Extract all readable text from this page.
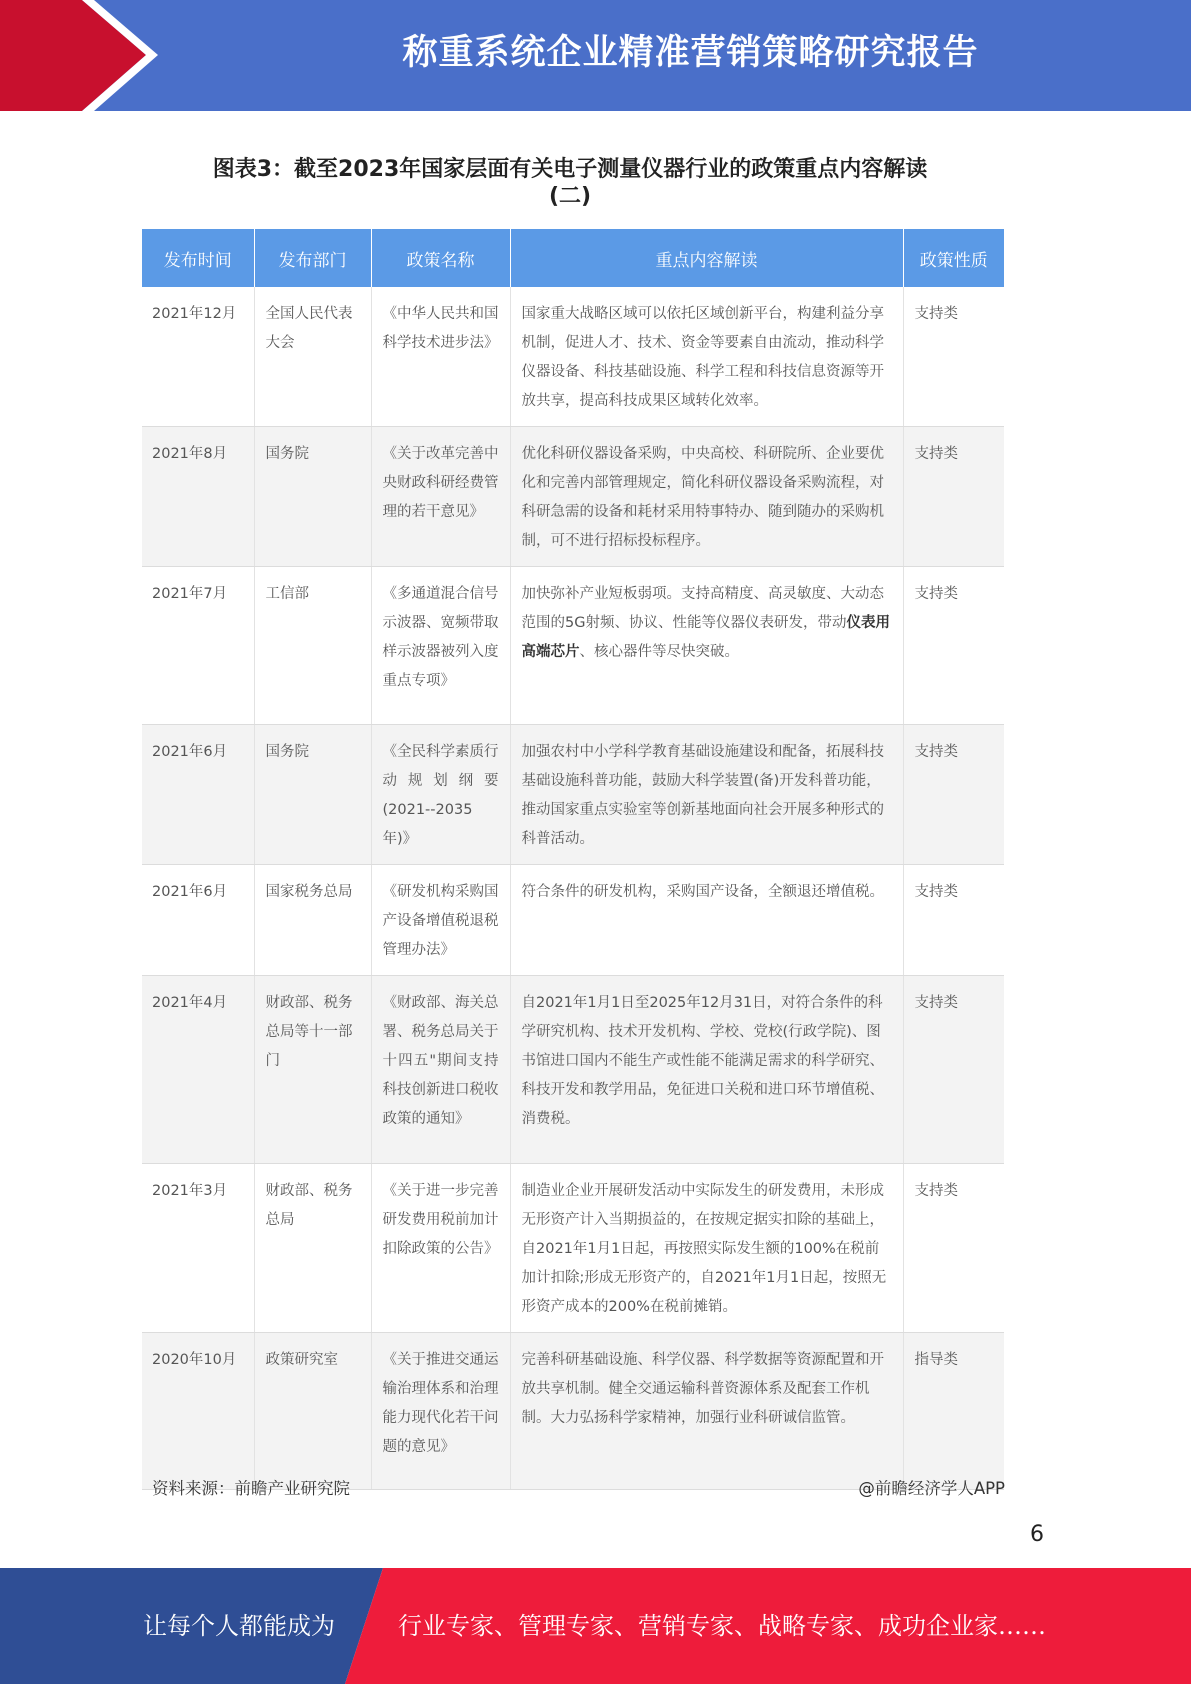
称重系统企业精准营销策略研究报告
图表3：截至2023年国家层面有关电子测量仪器行业的政策重点内容解读
(二)
发布时间	发布部门	政策名称	重点内容解读	政策性质
2021年12月	全国人民代表大会	《中华人民共和国科学技术进步法》	国家重大战略区域可以依托区域创新平台，构建利益分享机制，促进人才、技术、资金等要素自由流动，推动科学仪器设备、科技基础设施、科学工程和科技信息资源等开放共享，提高科技成果区域转化效率。	支持类
2021年8月	国务院	《关于改革完善中央财政科研经费管理的若干意见》	优化科研仪器设备采购，中央高校、科研院所、企业要优化和完善内部管理规定，简化科研仪器设备采购流程，对科研急需的设备和耗材采用特事特办、随到随办的采购机制，可不进行招标投标程序。	支持类
2021年7月	工信部	《多通道混合信号示波器、宽频带取样示波器被列入度重点专项》	加快弥补产业短板弱项。支持高精度、高灵敏度、大动态范围的5G射频、协议、性能等仪器仪表研发，带动仪表用高端芯片、核心器件等尽快突破。	支持类
2021年6月	国务院	《全民科学素质行动规划纲要(2021--2035年)》	加强农村中小学科学教育基础设施建设和配备，拓展科技基础设施科普功能，鼓励大科学装置(备)开发科普功能，推动国家重点实验室等创新基地面向社会开展多种形式的科普活动。	支持类
2021年6月	国家税务总局	《研发机构采购国产设备增值税退税管理办法》	符合条件的研发机构，采购国产设备，全额退还增值税。	支持类
2021年4月	财政部、税务总局等十一部门	《财政部、海关总署、税务总局关于十四五"期间支持科技创新进口税收政策的通知》	自2021年1月1日至2025年12月31日，对符合条件的科学研究机构、技术开发机构、学校、党校(行政学院)、图书馆进口国内不能生产或性能不能满足需求的科学研究、科技开发和教学用品，免征进口关税和进口环节增值税、消费税。	支持类
2021年3月	财政部、税务总局	《关于进一步完善研发费用税前加计扣除政策的公告》	制造业企业开展研发活动中实际发生的研发费用，未形成无形资产计入当期损益的，在按规定据实扣除的基础上，自2021年1月1日起，再按照实际发生额的100%在税前加计扣除;形成无形资产的，自2021年1月1日起，按照无形资产成本的200%在税前摊销。	支持类
2020年10月	政策研究室	《关于推进交通运输治理体系和治理能力现代化若干问题的意见》	完善科研基础设施、科学仪器、科学数据等资源配置和开放共享机制。健全交通运输科普资源体系及配套工作机制。大力弘扬科学家精神，加强行业科研诚信监管。	指导类
资料来源：前瞻产业研究院	@前瞻经济学人APP
6
让每个人都能成为	行业专家、管理专家、营销专家、战略专家、成功企业家……
